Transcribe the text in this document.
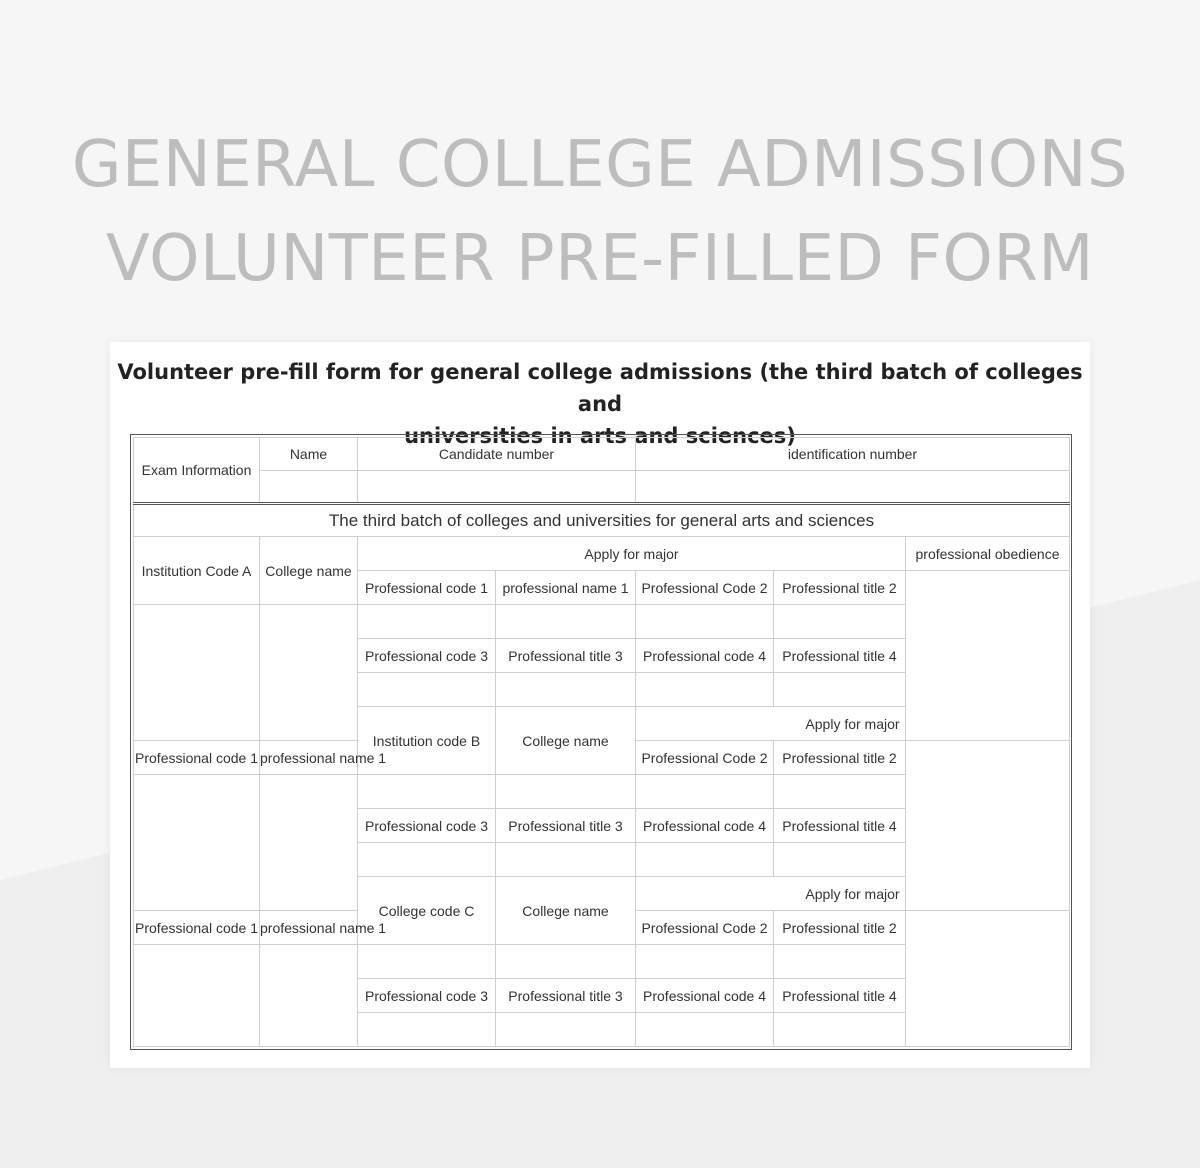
GENERAL COLLEGE ADMISSIONS
VOLUNTEER PRE-FILLED FORM
Volunteer pre-fill form for general college admissions (the third batch of colleges and
universities in arts and sciences)
Exam Information	Name	Candidate number		identification number			

The third batch of colleges and universities for general arts and sciences							
Institution Code A	College name	Apply for major				professional obedience	
		Professional code 1	professional name 1	Professional Code 2	Professional title 2		

		Professional code 3	Professional title 3	Professional code 4	Professional title 4		

		Institution code B	College name	Apply for major	
Professional code 1	professional name 1			Professional Code 2	Professional title 2		

		Professional code 3	Professional title 3	Professional code 4	Professional title 4		

		College code C	College name	Apply for major	
Professional code 1	professional name 1			Professional Code 2	Professional title 2		

		Professional code 3	Professional title 3	Professional code 4	Professional title 4		
